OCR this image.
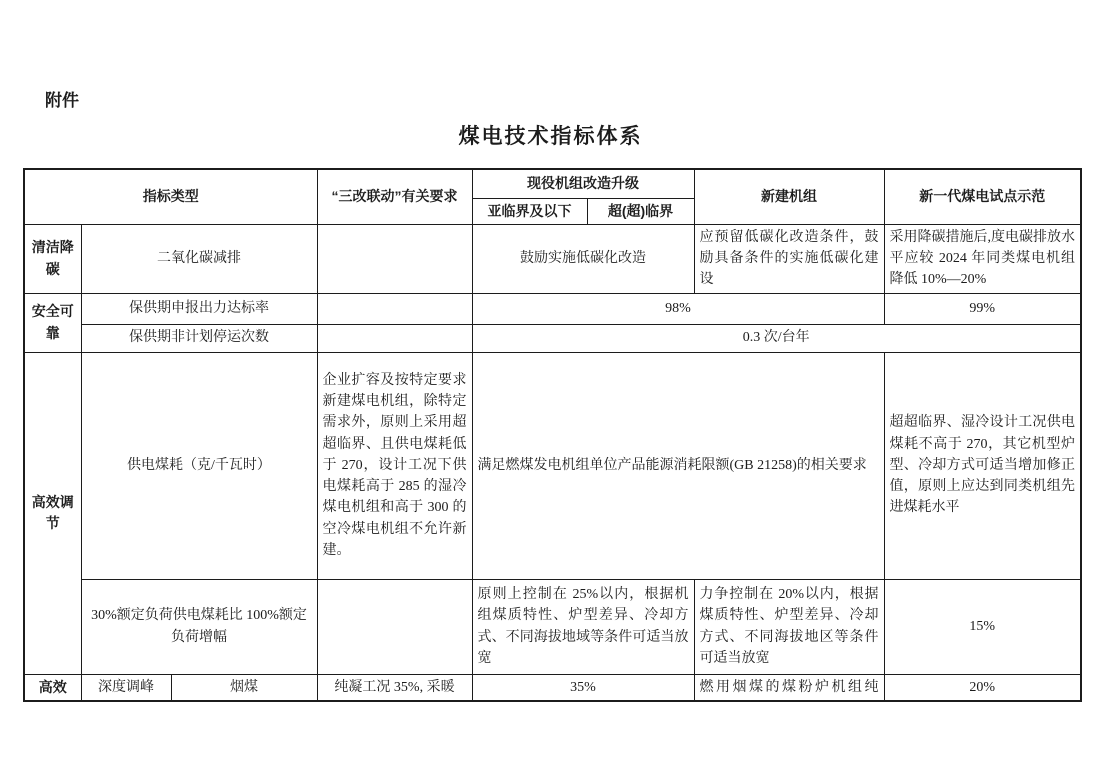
附件
煤电技术指标体系
指标类型			“三改联动”有关要求	现役机组改造升级		新建机组	新一代煤电试点示范
				亚临界及以下	超(超)临界		
清洁降碳	二氧化碳减排			鼓励实施低碳化改造		应预留低碳化改造条件，鼓励具备条件的实施低碳化建设	采用降碳措施后,度电碳排放水平应较 2024 年同类煤电机组降低 10%—20%
安全可靠	保供期申报出力达标率			98%			99%
	保供期非计划停运次数			0.3 次/台年			
高效调节	供电煤耗（克/千瓦时）		企业扩容及按特定要求新建煤电机组，除特定需求外，原则上采用超超临界、且供电煤耗低于 270，设计工况下供电煤耗高于 285 的湿冷煤电机组和高于 300 的空冷煤电机组不允许新建。	满足燃煤发电机组单位产品能源消耗限额(GB 21258)的相关要求			超超临界、湿冷设计工况供电煤耗不高于 270，其它机型炉型、冷却方式可适当增加修正值，原则上应达到同类机组先进煤耗水平
	30%额定负荷供电煤耗比 100%额定负荷增幅			原则上控制在 25%以内，根据机组煤质特性、炉型差异、冷却方式、不同海拔地域等条件可适当放宽		力争控制在 20%以内，根据煤质特性、炉型差异、冷却方式、不同海拔地区等条件可适当放宽	15%
高效	深度调峰	烟煤	纯凝工况 35%, 采暖	35%		燃用烟煤的煤粉炉机组纯	20%
